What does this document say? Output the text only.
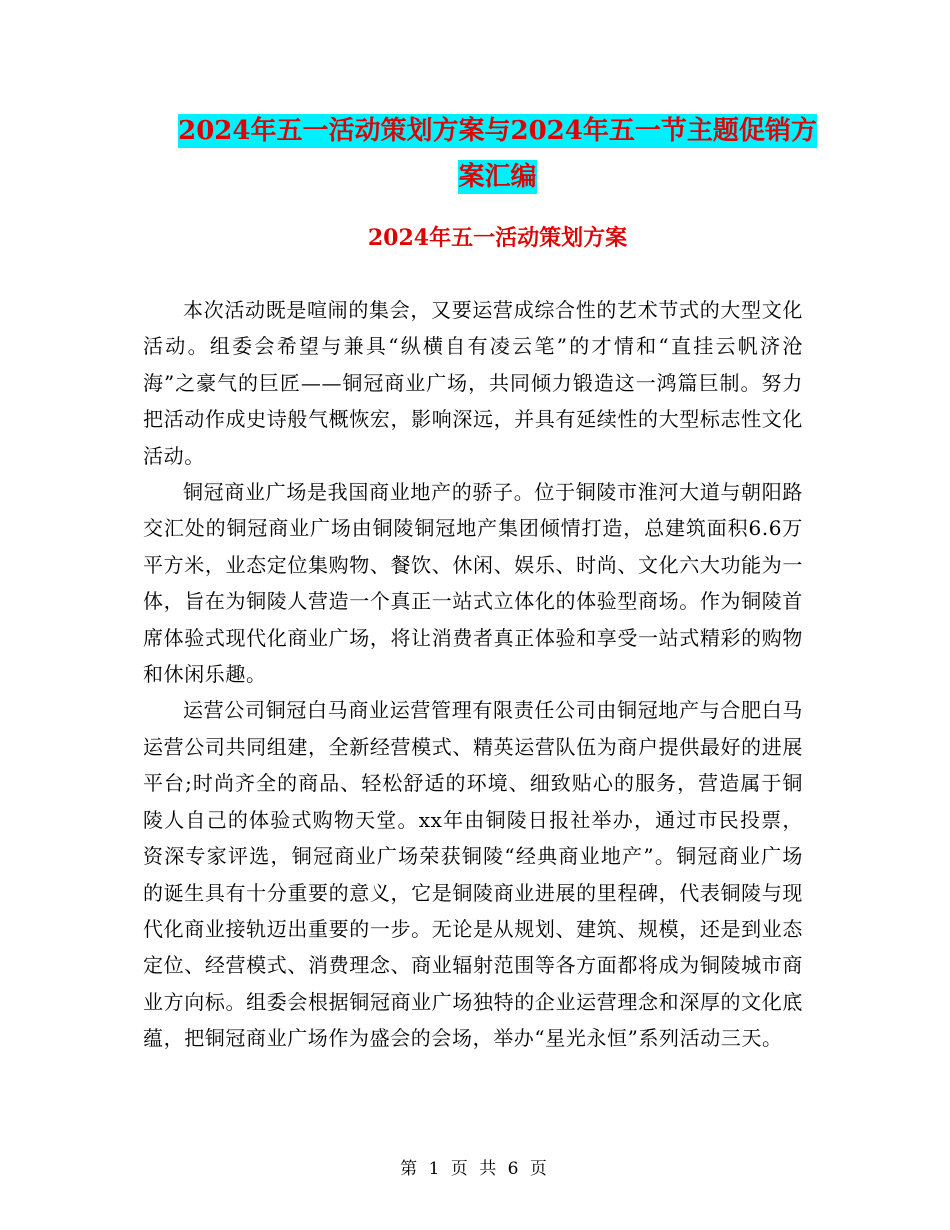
2024年五一活动策划方案与2024年五一节主题促销方
案汇编
2024年五一活动策划方案

本次活动既是喧闹的集会，又要运营成综合性的艺术节式的大型文化活动。组委会希望与兼具“纵横自有凌云笔”的才情和“直挂云帆济沧海”之豪气的巨匠——铜冠商业广场，共同倾力锻造这一鸿篇巨制。努力把活动作成史诗般气概恢宏，影响深远，并具有延续性的大型标志性文化活动。

铜冠商业广场是我国商业地产的骄子。位于铜陵市淮河大道与朝阳路交汇处的铜冠商业广场由铜陵铜冠地产集团倾情打造，总建筑面积6.6万平方米，业态定位集购物、餐饮、休闲、娱乐、时尚、文化六大功能为一体，旨在为铜陵人营造一个真正一站式立体化的体验型商场。作为铜陵首席体验式现代化商业广场，将让消费者真正体验和享受一站式精彩的购物和休闲乐趣。

运营公司铜冠白马商业运营管理有限责任公司由铜冠地产与合肥白马运营公司共同组建，全新经营模式、精英运营队伍为商户提供最好的进展平台;时尚齐全的商品、轻松舒适的环境、细致贴心的服务，营造属于铜陵人自己的体验式购物天堂。xx年由铜陵日报社举办，通过市民投票，资深专家评选，铜冠商业广场荣获铜陵“经典商业地产”。铜冠商业广场的诞生具有十分重要的意义，它是铜陵商业进展的里程碑，代表铜陵与现代化商业接轨迈出重要的一步。无论是从规划、建筑、规模，还是到业态定位、经营模式、消费理念、商业辐射范围等各方面都将成为铜陵城市商业方向标。组委会根据铜冠商业广场独特的企业运营理念和深厚的文化底蕴，把铜冠商业广场作为盛会的会场，举办“星光永恒”系列活动三天。

第 1 页 共 6 页
